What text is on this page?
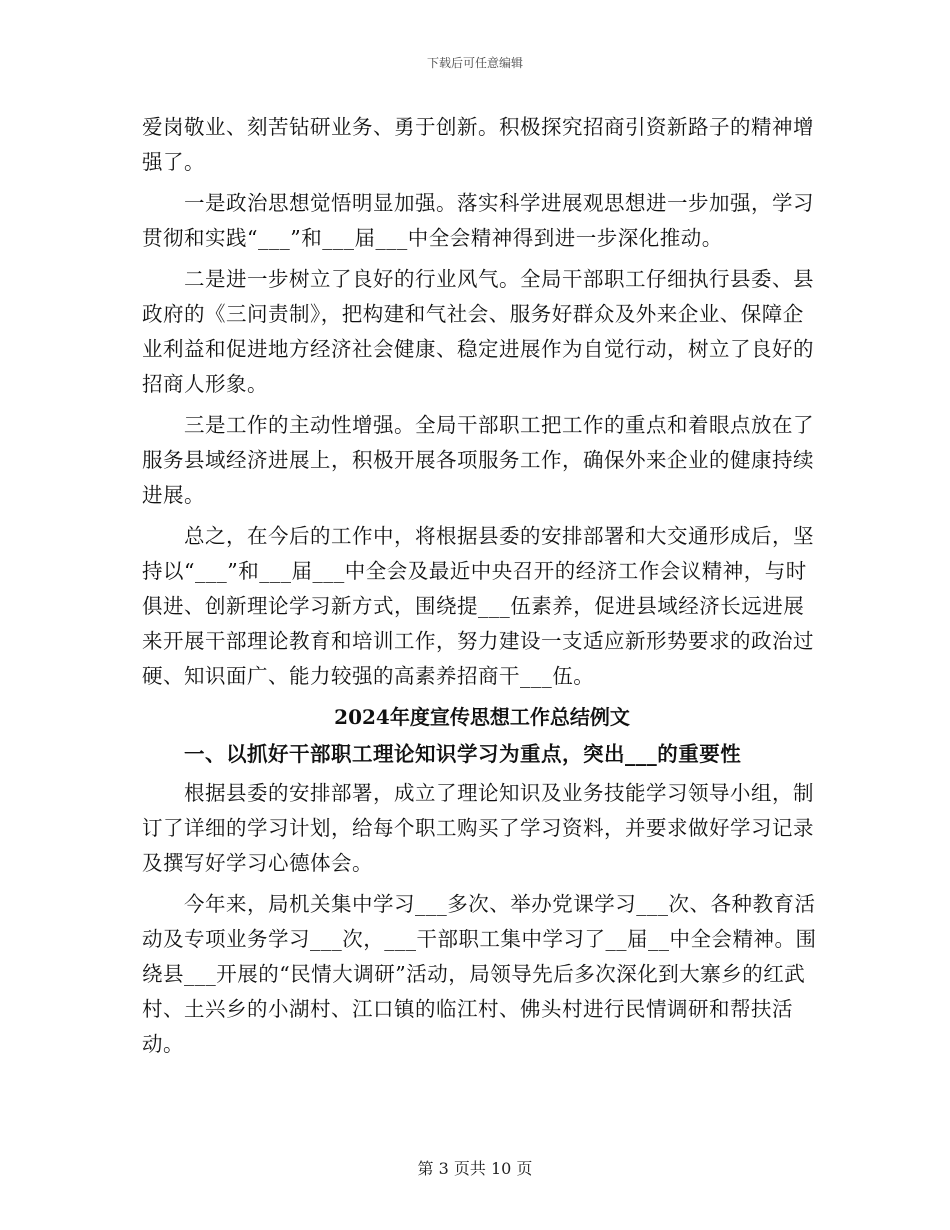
下载后可任意编辑

爱岗敬业、刻苦钻研业务、勇于创新。积极探究招商引资新路子的精神增强了。

一是政治思想觉悟明显加强。落实科学进展观思想进一步加强，学习贯彻和实践“___”和___届___中全会精神得到进一步深化推动。

二是进一步树立了良好的行业风气。全局干部职工仔细执行县委、县政府的《三问责制》，把构建和气社会、服务好群众及外来企业、保障企业利益和促进地方经济社会健康、稳定进展作为自觉行动，树立了良好的招商人形象。

三是工作的主动性增强。全局干部职工把工作的重点和着眼点放在了服务县域经济进展上，积极开展各项服务工作，确保外来企业的健康持续进展。

总之，在今后的工作中，将根据县委的安排部署和大交通形成后，坚持以“___”和___届___中全会及最近中央召开的经济工作会议精神，与时俱进、创新理论学习新方式，围绕提___伍素养，促进县域经济长远进展来开展干部理论教育和培训工作，努力建设一支适应新形势要求的政治过硬、知识面广、能力较强的高素养招商干___伍。

2024年度宣传思想工作总结例文
一、以抓好干部职工理论知识学习为重点，突出___的重要性

根据县委的安排部署，成立了理论知识及业务技能学习领导小组，制订了详细的学习计划，给每个职工购买了学习资料，并要求做好学习记录及撰写好学习心德体会。

今年来，局机关集中学习___多次、举办党课学习___次、各种教育活动及专项业务学习___次，___干部职工集中学习了__届__中全会精神。围绕县___开展的“民情大调研”活动，局领导先后多次深化到大寨乡的红武村、土兴乡的小湖村、江口镇的临江村、佛头村进行民情调研和帮扶活动。

第 3 页共 10 页
